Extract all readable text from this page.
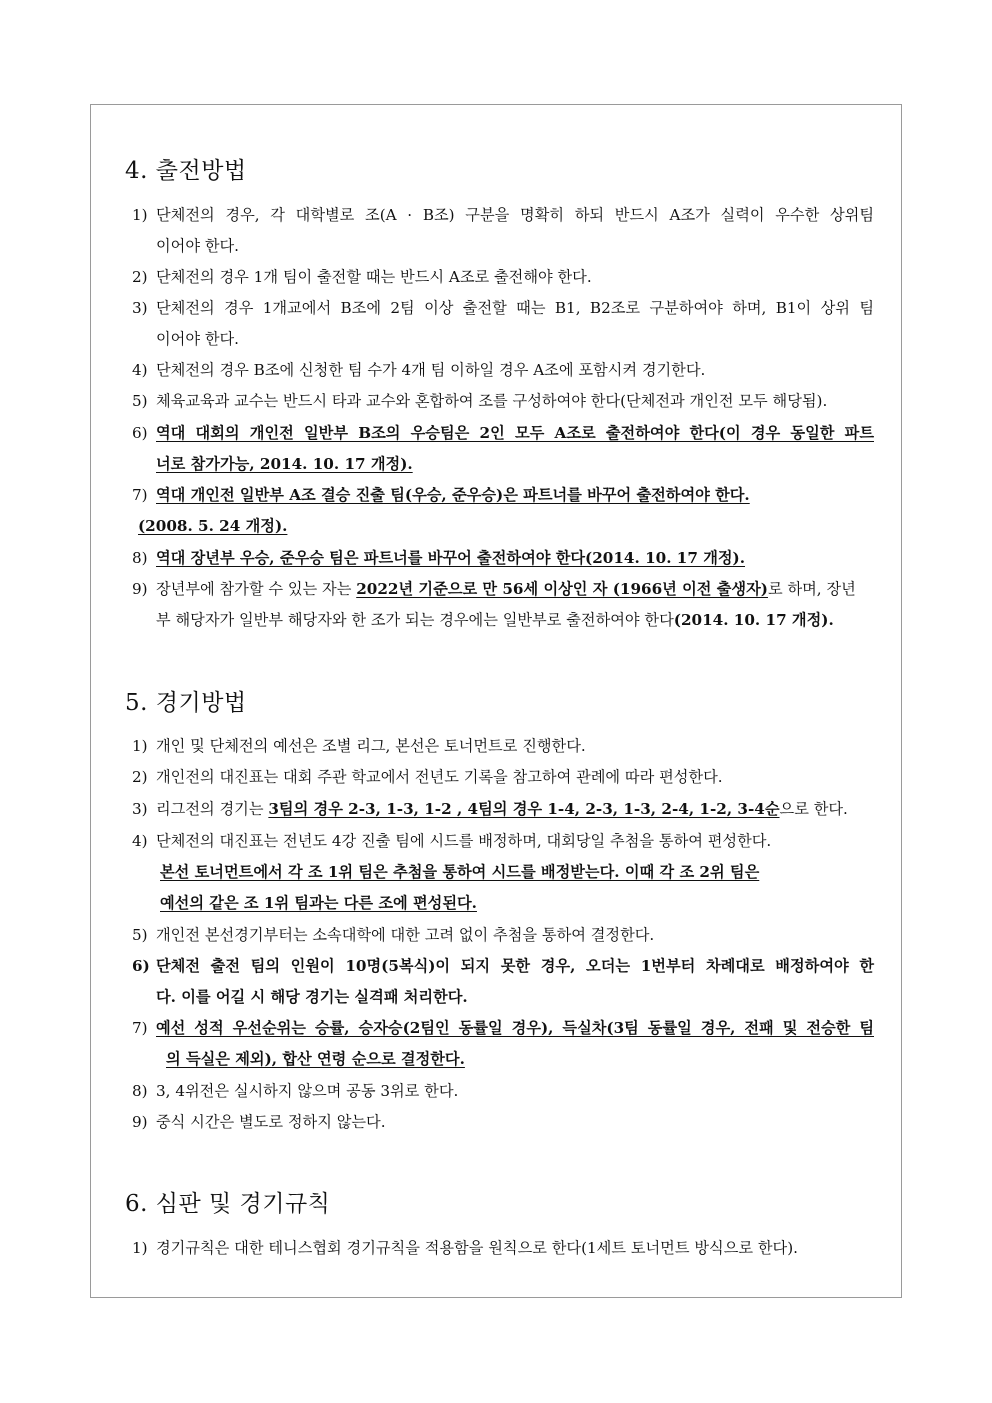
4. 출전방법
1) 단체전의 경우, 각 대학별로 조(A · B조) 구분을 명확히 하되 반드시 A조가 실력이 우수한 상위팀
이어야 한다.
2) 단체전의 경우 1개 팀이 출전할 때는 반드시 A조로 출전해야 한다.
3) 단체전의 경우 1개교에서 B조에 2팀 이상 출전할 때는 B1, B2조로 구분하여야 하며, B1이 상위 팀
이어야 한다.
4) 단체전의 경우 B조에 신청한 팀 수가 4개 팀 이하일 경우 A조에 포함시켜 경기한다.
5) 체육교육과 교수는 반드시 타과 교수와 혼합하여 조를 구성하여야 한다(단체전과 개인전 모두 해당됨).
6) 역대 대회의 개인전 일반부 B조의 우승팀은 2인 모두 A조로 출전하여야 한다(이 경우 동일한 파트
너로 참가가능, 2014. 10. 17 개정).
7) 역대 개인전 일반부 A조 결승 진출 팀(우승, 준우승)은 파트너를 바꾸어 출전하여야 한다.
(2008. 5. 24 개정).
8) 역대 장년부 우승, 준우승 팀은 파트너를 바꾸어 출전하여야 한다(2014. 10. 17 개정).
9) 장년부에 참가할 수 있는 자는 2022년 기준으로 만 56세 이상인 자 (1966년 이전 출생자)로 하며, 장년
부 해당자가 일반부 해당자와 한 조가 되는 경우에는 일반부로 출전하여야 한다(2014. 10. 17 개정).
5. 경기방법
1) 개인 및 단체전의 예선은 조별 리그, 본선은 토너먼트로 진행한다.
2) 개인전의 대진표는 대회 주관 학교에서 전년도 기록을 참고하여 관례에 따라 편성한다.
3) 리그전의 경기는 3팀의 경우 2-3, 1-3, 1-2 , 4팀의 경우 1-4, 2-3, 1-3, 2-4, 1-2, 3-4순으로 한다.
4) 단체전의 대진표는 전년도 4강 진출 팀에 시드를 배정하며, 대회당일 추첨을 통하여 편성한다.
본선 토너먼트에서 각 조 1위 팀은 추첨을 통하여 시드를 배정받는다. 이때 각 조 2위 팀은
예선의 같은 조 1위 팀과는 다른 조에 편성된다.
5) 개인전 본선경기부터는 소속대학에 대한 고려 없이 추첨을 통하여 결정한다.
6) 단체전 출전 팀의 인원이 10명(5복식)이 되지 못한 경우, 오더는 1번부터 차례대로 배정하여야 한
다. 이를 어길 시 해당 경기는 실격패 처리한다.
7) 예선 성적 우선순위는 승률, 승자승(2팀인 동률일 경우), 득실차(3팀 동률일 경우, 전패 및 전승한 팀
의 득실은 제외), 합산 연령 순으로 결정한다.
8) 3, 4위전은 실시하지 않으며 공동 3위로 한다.
9) 중식 시간은 별도로 정하지 않는다.
6. 심판 및 경기규칙
1) 경기규칙은 대한 테니스협회 경기규칙을 적용함을 원칙으로 한다(1세트 토너먼트 방식으로 한다).
